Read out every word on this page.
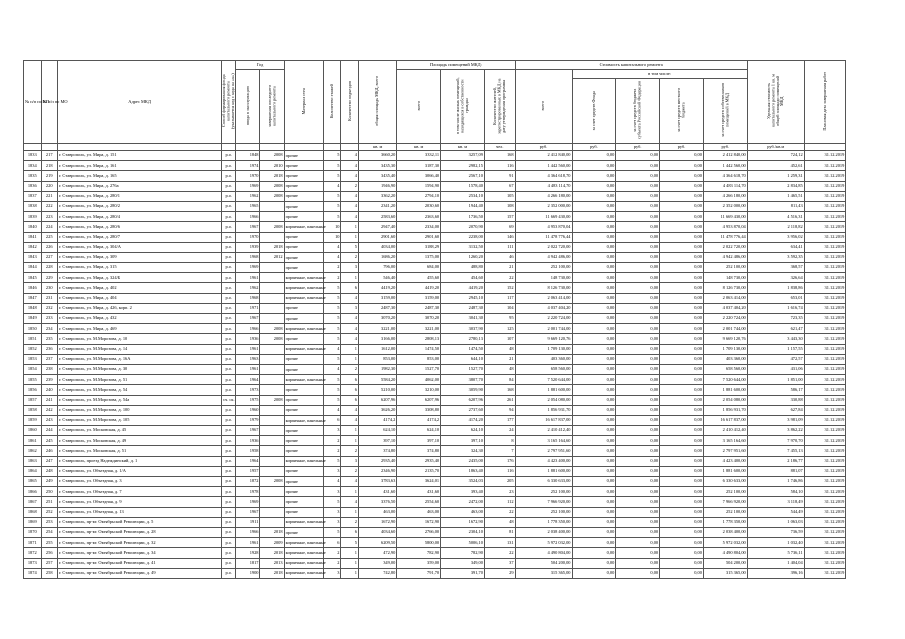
№ п/п по КП	№ п/п по МО	Адрес МКД	Способ формирования фонда капитального ремонта (указывается код с кода на «к»)	Год		Материал стен	Количество этажей	Количество подъездов	общая площадь МКД, всего	Площадь помещений МКД:			Стоимость капитального ремонта					Удельная стоимость капитального ремонта 1 кв. м общей площади помещений МКД	Плановая дата завершения работ
				ввода в эксплуатацию	завершения последнего капитального ремонта					всего	в том числе жилых помещений, находящихся в собственности граждан	Количество жителей, зарегистрированных в МКД на дату утверждения программы	всего	в том числе:					
														за счет средств Фонда	за счет средств бюджета субъекта Российской Федерации	за счет средств местного бюджета	за счет средств собственников помещений в МКД		
									кв. м	кв. м	кв. м	чел.	руб.	руб.	руб.	руб.	руб.	руб./кв.м	
1833	217	г. Ставрополь, ул. Мира, д. 151	р.о.	1848	2008	прочие	5	4	3660,20	3332,11	3257,09	168	2 412 840,00	0,00	0,00	0,00	2 412 840,00	724,12	31.12.2019
1834	218	г. Ставрополь, ул. Мира, д. 161	р.о.	1974	2010	прочие	5	4	3435,30	3187,30	2982,15	116	1 442 560,00	0,00	0,00	0,00	1 442 560,00	452,61	31.12.2019
1835	219	г. Ставрополь, ул. Мира, д. 165	р.о.	1970	2018	прочие	5	4	3435,40	3066,40	2567,10	91	4 364 618,70	0,00	0,00	0,00	4 364 618,70	1 259,31	31.12.2019
1836	220	г. Ставрополь, ул. Мира, д. 276а	р.о.	1969	2008	прочие	4	2	1946,90	1594,90	1578,40	67	4 483 114,70	0,00	0,00	0,00	4 483 114,70	2 834,85	31.12.2019
1837	221	г. Ставрополь, ул. Мира, д. 280/1	р.о.	1962	2008	прочие	5	4	3362,20	2794,10	2534,10	105	4 266 180,00	0,00	0,00	0,00	4 266 180,00	1 465,51	31.12.2019
1838	222	г. Ставрополь, ул. Мира, д. 280/2	р.о.	1965		прочие	5	4	2341,20	2030,60	1944,40	108	2 352 000,00	0,00	0,00	0,00	2 352 000,00	811,43	31.12.2019
1839	223	г. Ставрополь, ул. Мира, д. 280/4	р.о.	1966		прочие	5	4	2583,60	2363,60	1736,50	157	11 669 430,00	0,00	0,00	0,00	11 669 430,00	4 516,31	31.12.2019
1840	224	г. Ставрополь, ул. Мира, д. 280/6	р.о.	1967	2008	кирпичные, панельные	10	1	2947,40	2334,00	2070,90	69	4 953 870,04	0,00	0,00	0,00	4 953 870,04	2 118,82	31.12.2019
1841	225	г. Ставрополь, ул. Мира, д. 280/7	р.о.	1970		прочие	10	1	2901,60	2901,60	2238,00	146	11 478 776,44	0,00	0,00	0,00	11 478 776,44	3 956,02	31.12.2019
1842	226	г. Ставрополь, ул. Мира, д. 304/А	р.о.	1939	2018	прочие	4	5	4034,00	3188,29	3132,50	111	2 022 720,00	0,00	0,00	0,00	2 022 720,00	634,41	31.12.2019
1843	227	г. Ставрополь, ул. Мира, д. 309	р.о.	1968	2012	прочие	4	2	1686,20	1375,00	1260,20	46	4 942 486,00	0,00	0,00	0,00	4 942 486,00	3 592,35	31.12.2019
1844	228	г. Ставрополь, ул. Мира, д. 315	р.о.	1969		прочие	2	3	796,00	684,00	488,80	21	252 100,00	0,00	0,00	0,00	252 100,00	368,57	31.12.2019
1845	229	г. Ставрополь, ул. Мира, д. 324/Б	р.о.	1961		кирпичные, панельные	2	1	546,40	455,60	454,60	22	148 730,00	0,00	0,00	0,00	148 730,00	326,64	31.12.2019
1846	230	г. Ставрополь, ул. Мира, д. 402	р.о.	1962		кирпичные, панельные	5	6	4419,20	4419,20	4419,20	152	8 126 730,00	0,00	0,00	0,00	8 126 730,00	1 838,86	31.12.2019
1847	231	г. Ставрополь, ул. Мира, д. 404	р.о.	1968		кирпичные, панельные	5	4	3159,00	3159,00	2945,10	117	2 063 414,00	0,00	0,00	0,00	2 063 414,00	653,01	31.12.2019
1848	232	г. Ставрополь, ул. Мира, д. 426, корп. 2	р.о.	1971		прочие	5	3	2487,30	2487,30	2487,30	104	4 037 404,20	0,00	0,00	0,00	4 037 404,20	1 616,74	31.12.2019
1849	233	г. Ставрополь, ул. Мира, д. 432	р.о.	1967		прочие	5	4	3070,20	3070,20	3041,30	95	2 220 724,00	0,00	0,00	0,00	2 220 724,00	723,35	31.12.2019
1850	234	г. Ставрополь, ул. Мира, д. 469	р.о.	1966	2008	кирпичные, панельные	5	4	3221,00	3221,00	3037,90	125	2 001 744,00	0,00	0,00	0,00	2 001 744,00	621,47	31.12.2019
1851	235	г. Ставрополь, ул. М.Морозова, д. 10	р.о.	1936	2008	прочие	5	4	3166,00	2808,13	2780,13	107	9 669 120,76	0,00	0,00	0,00	9 669 120,76	3 443,30	31.12.2019
1852	236	г. Ставрополь, ул. М.Морозова, д. 14	р.о.	1961		кирпичные, панельные	4	1	1612,00	1474,50	1474,50	48	1 709 130,00	0,00	0,00	0,00	1 709 130,00	1 157,55	31.12.2019
1853	237	г. Ставрополь, ул. М.Морозова, д. 16А	р.о.	1963		прочие	5	1	853,00	853,00	644,10	21	403 360,00	0,00	0,00	0,00	403 360,00	472,57	31.12.2019
1854	238	г. Ставрополь, ул. М.Морозова, д. 30	р.о.	1961		прочие	4	2	1982,30	1527,70	1527,70	48	658 560,00	0,00	0,00	0,00	658 560,00	431,06	31.12.2019
1855	239	г. Ставрополь, ул. М.Морозова, д. 51	р.о.	1964		кирпичные, панельные	5	6	5584,20	4062,00	3807,70	84	7 520 644,00	0,00	0,00	0,00	7 520 644,00	1 851,00	31.12.2019
1856	240	г. Ставрополь, ул. М.Морозова, д. 54	р.о.	1973		прочие	5	6	5210,00	3210,00	3059,90	168	1 881 600,00	0,00	0,00	0,00	1 881 600,00	586,17	31.12.2019
1857	241	г. Ставрополь, ул. М.Морозова, д. 54а	сч. ск.	1975	2008	прочие	5	6	6207,96	6207,96	6207,96	261	2 054 080,00	0,00	0,00	0,00	2 054 080,00	330,88	31.12.2019
1858	242	г. Ставрополь, ул. М.Морозова, д. 100	р.о.	1960		прочие	4	4	3626,20	3308,80	2737,60	94	1 856 931,70	0,00	0,00	0,00	1 856 931,70	627,84	31.12.2019
1859	243	г. Ставрополь, ул. М.Морозова, д. 105	р.о.	1979		кирпичные, панельные	6	4	4174,2	4174,2	4174,20	177	16 617 837,00	0,00	0,00	0,00	16 617 837,00	3 981,09	31.12.2019
1860	244	г. Ставрополь, ул. Московская, д. 45	р.о.	1967		прочие	3	1	624,10	624,10	624,10	24	2 410 412,40	0,00	0,00	0,00	2 410 412,40	3 862,22	31.12.2019
1861	245	г. Ставрополь, ул. Московская, д. 49	р.о.	1936		прочие	2	1	397,10	397,10	397,10	8	3 165 164,60	0,00	0,00	0,00	3 165 164,60	7 970,70	31.12.2019
1862	246	г. Ставрополь, ул. Московская, д. 51	р.о.	1958		прочие	2	2	374,80	374,80	324,30	7	2 797 951,60	0,00	0,00	0,00	2 797 951,60	7 455,13	31.12.2019
1863	247	г. Ставрополь, проезд Надеждинский, д. 1	р.о.	1964		кирпичные, панельные	5	3	2935,40	2935,40	2435,00	176	4 423 400,00	0,00	0,00	0,00	4 423 400,00	2 186,77	31.12.2019
1864	248	г. Ставрополь, ул. Объездная, д. 1/А	р.о.	1957		прочие	3	2	2346,90	2135,70	1863,40	116	1 881 600,00	0,00	0,00	0,00	1 881 600,00	881,07	31.12.2019
1865	249	г. Ставрополь, ул. Объездная, д. 3	р.о.	1872	2008	прочие	4	4	3783,63	3624,01	3524,03	205	6 330 633,00	0,00	0,00	0,00	6 330 633,00	1 746,86	31.12.2019
1866	250	г. Ставрополь, ул. Объездная, д. 7	р.о.	1978		прочие	3	1	431,60	431,60	393,40	23	252 100,00	0,00	0,00	0,00	252 100,00	584,10	31.12.2019
1867	251	г. Ставрополь, ул. Объездная, д. 9	р.о.	1969		прочие	5	4	3376,50	2554,60	2472,00	112	7 966 920,00	0,00	0,00	0,00	7 966 920,00	3 118,49	31.12.2019
1868	252	г. Ставрополь, ул. Объездная, д. 13	р.о.	1967		прочие	3	1	463,00	463,00	463,00	22	252 100,00	0,00	0,00	0,00	252 100,00	544,49	31.12.2019
1869	253	г. Ставрополь, пр-кт. Октябрьской Революции, д. 5	р.о.	1911		кирпичные, панельные	3	2	1672,90	1672,90	1672,90	48	1 778 350,00	0,00	0,00	0,00	1 778 350,00	1 063,03	31.12.2019
1870	254	г. Ставрополь, пр-кт. Октябрьской Революции, д. 28	р.о.	1966	2018	прочие	5	6	4034,60	2766,00	2304,10	81	2 038 400,00	0,00	0,00	0,00	2 038 400,00	736,59	31.12.2019
1871	255	г. Ставрополь, пр-кт. Октябрьской Революции, д. 32	р.о.	1961	2009	кирпичные, панельные	6	5	6209,50	5800,00	5006,10	131	5 972 032,00	0,00	0,00	0,00	5 972 032,00	1 032,40	31.12.2019
1872	256	г. Ставрополь, пр-кт. Октябрьской Революции, д. 34	р.о.	1928	2018	кирпичные, панельные	2	1	472,90	782,90	782,90	22	4 490 804,00	0,00	0,00	0,00	4 490 804,00	5 736,11	31.12.2019
1873	257	г. Ставрополь, пр-кт. Октябрьской Революции, д. 41	р.о.	1817	2013	кирпичные, панельные	2	1	349,00	359,00	349,00	37	504 200,00	0,00	0,00	0,00	504 200,00	1 404,04	31.12.2019
1874	258	г. Ставрополь, пр-кт. Октябрьской Революции, д. 49	р.о.	1900	2018	кирпичные, панельные	3	1	742,80	791,70	391,70	29	315 365,00	0,00	0,00	0,00	315 365,00	396,16	31.12.2019
